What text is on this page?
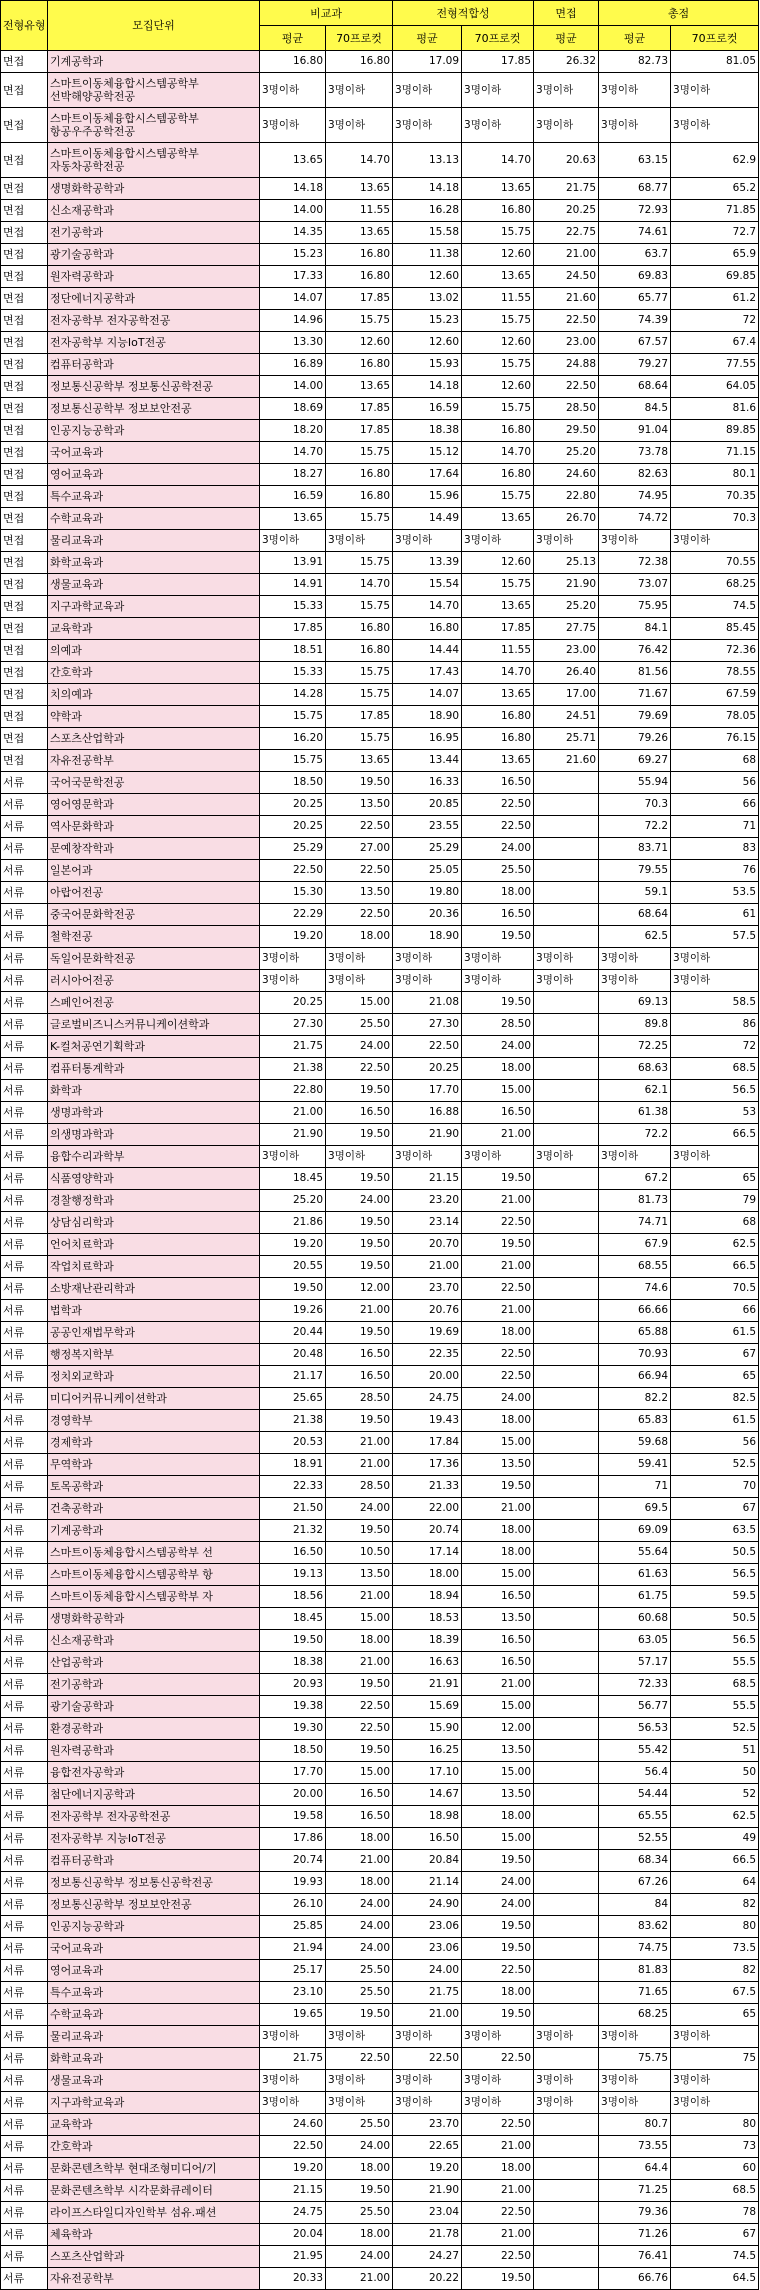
전형유형	모집단위	비교과		전형적합성		면접	총점	
		평균	70프로컷	평균	70프로컷	평균	평균	70프로컷
면접	기계공학과	16.80	16.80	17.09	17.85	26.32	82.73	81.05
면접	스마트이동체융합시스템공학부 선박해양공학전공	3명이하	3명이하	3명이하	3명이하	3명이하	3명이하	3명이하
면접	스마트이동체융합시스템공학부 항공우주공학전공	3명이하	3명이하	3명이하	3명이하	3명이하	3명이하	3명이하
면접	스마트이동체융합시스템공학부 자동차공학전공	13.65	14.70	13.13	14.70	20.63	63.15	62.9
면접	생명화학공학과	14.18	13.65	14.18	13.65	21.75	68.77	65.2
면접	신소재공학과	14.00	11.55	16.28	16.80	20.25	72.93	71.85
면접	전기공학과	14.35	13.65	15.58	15.75	22.75	74.61	72.7
면접	광기술공학과	15.23	16.80	11.38	12.60	21.00	63.7	65.9
면접	원자력공학과	17.33	16.80	12.60	13.65	24.50	69.83	69.85
면접	정단에너지공학과	14.07	17.85	13.02	11.55	21.60	65.77	61.2
면접	전자공학부 전자공학전공	14.96	15.75	15.23	15.75	22.50	74.39	72
면접	전자공학부 지능IoT전공	13.30	12.60	12.60	12.60	23.00	67.57	67.4
면접	컴퓨터공학과	16.89	16.80	15.93	15.75	24.88	79.27	77.55
면접	정보통신공학부 정보통신공학전공	14.00	13.65	14.18	12.60	22.50	68.64	64.05
면접	정보통신공학부 정보보안전공	18.69	17.85	16.59	15.75	28.50	84.5	81.6
면접	인공지능공학과	18.20	17.85	18.38	16.80	29.50	91.04	89.85
면접	국어교육과	14.70	15.75	15.12	14.70	25.20	73.78	71.15
면접	영어교육과	18.27	16.80	17.64	16.80	24.60	82.63	80.1
면접	특수교육과	16.59	16.80	15.96	15.75	22.80	74.95	70.35
면접	수학교육과	13.65	15.75	14.49	13.65	26.70	74.72	70.3
면접	물리교육과	3명이하	3명이하	3명이하	3명이하	3명이하	3명이하	3명이하
면접	화학교육과	13.91	15.75	13.39	12.60	25.13	72.38	70.55
면접	생물교육과	14.91	14.70	15.54	15.75	21.90	73.07	68.25
면접	지구과학교육과	15.33	15.75	14.70	13.65	25.20	75.95	74.5
면접	교육학과	17.85	16.80	16.80	17.85	27.75	84.1	85.45
면접	의예과	18.51	16.80	14.44	11.55	23.00	76.42	72.36
면접	간호학과	15.33	15.75	17.43	14.70	26.40	81.56	78.55
면접	치의예과	14.28	15.75	14.07	13.65	17.00	71.67	67.59
면접	약학과	15.75	17.85	18.90	16.80	24.51	79.69	78.05
면접	스포츠산업학과	16.20	15.75	16.95	16.80	25.71	79.26	76.15
면접	자유전공학부	15.75	13.65	13.44	13.65	21.60	69.27	68
서류	국어국문학전공	18.50	19.50	16.33	16.50		55.94	56
서류	영어영문학과	20.25	13.50	20.85	22.50		70.3	66
서류	역사문화학과	20.25	22.50	23.55	22.50		72.2	71
서류	문예창작학과	25.29	27.00	25.29	24.00		83.71	83
서류	일본어과	22.50	22.50	25.05	25.50		79.55	76
서류	아랍어전공	15.30	13.50	19.80	18.00		59.1	53.5
서류	중국어문화학전공	22.29	22.50	20.36	16.50		68.64	61
서류	철학전공	19.20	18.00	18.90	19.50		62.5	57.5
서류	독일어문화학전공	3명이하	3명이하	3명이하	3명이하	3명이하	3명이하	3명이하
서류	러시아어전공	3명이하	3명이하	3명이하	3명이하	3명이하	3명이하	3명이하
서류	스페인어전공	20.25	15.00	21.08	19.50		69.13	58.5
서류	글로벌비즈니스커뮤니케이션학과	27.30	25.50	27.30	28.50		89.8	86
서류	K-컬처공연기획학과	21.75	24.00	22.50	24.00		72.25	72
서류	컴퓨터통계학과	21.38	22.50	20.25	18.00		68.63	68.5
서류	화학과	22.80	19.50	17.70	15.00		62.1	56.5
서류	생명과학과	21.00	16.50	16.88	16.50		61.38	53
서류	의생명과학과	21.90	19.50	21.90	21.00		72.2	66.5
서류	융합수리과학부	3명이하	3명이하	3명이하	3명이하	3명이하	3명이하	3명이하
서류	식품영양학과	18.45	19.50	21.15	19.50		67.2	65
서류	경찰행정학과	25.20	24.00	23.20	21.00		81.73	79
서류	상담심리학과	21.86	19.50	23.14	22.50		74.71	68
서류	언어치료학과	19.20	19.50	20.70	19.50		67.9	62.5
서류	작업치료학과	20.55	19.50	21.00	21.00		68.55	66.5
서류	소방재난관리학과	19.50	12.00	23.70	22.50		74.6	70.5
서류	법학과	19.26	21.00	20.76	21.00		66.66	66
서류	공공인재법무학과	20.44	19.50	19.69	18.00		65.88	61.5
서류	행정복지학부	20.48	16.50	22.35	22.50		70.93	67
서류	정치외교학과	21.17	16.50	20.00	22.50		66.94	65
서류	미디어커뮤니케이션학과	25.65	28.50	24.75	24.00		82.2	82.5
서류	경영학부	21.38	19.50	19.43	18.00		65.83	61.5
서류	경제학과	20.53	21.00	17.84	15.00		59.68	56
서류	무역학과	18.91	21.00	17.36	13.50		59.41	52.5
서류	토목공학과	22.33	28.50	21.33	19.50		71	70
서류	건축공학과	21.50	24.00	22.00	21.00		69.5	67
서류	기계공학과	21.32	19.50	20.74	18.00		69.09	63.5
서류	스마트이동체융합시스템공학부 선	16.50	10.50	17.14	18.00		55.64	50.5
서류	스마트이동체융합시스템공학부 항	19.13	13.50	18.00	15.00		61.63	56.5
서류	스마트이동체융합시스템공학부 자	18.56	21.00	18.94	16.50		61.75	59.5
서류	생명화학공학과	18.45	15.00	18.53	13.50		60.68	50.5
서류	신소재공학과	19.50	18.00	18.39	16.50		63.05	56.5
서류	산업공학과	18.38	21.00	16.63	16.50		57.17	55.5
서류	전기공학과	20.93	19.50	21.91	21.00		72.33	68.5
서류	광기술공학과	19.38	22.50	15.69	15.00		56.77	55.5
서류	환경공학과	19.30	22.50	15.90	12.00		56.53	52.5
서류	원자력공학과	18.50	19.50	16.25	13.50		55.42	51
서류	융합전자공학과	17.70	15.00	17.10	15.00		56.4	50
서류	첨단에너지공학과	20.00	16.50	14.67	13.50		54.44	52
서류	전자공학부 전자공학전공	19.58	16.50	18.98	18.00		65.55	62.5
서류	전자공학부 지능IoT전공	17.86	18.00	16.50	15.00		52.55	49
서류	컴퓨터공학과	20.74	21.00	20.84	19.50		68.34	66.5
서류	정보통신공학부 정보통신공학전공	19.93	18.00	21.14	24.00		67.26	64
서류	정보통신공학부 정보보안전공	26.10	24.00	24.90	24.00		84	82
서류	인공지능공학과	25.85	24.00	23.06	19.50		83.62	80
서류	국어교육과	21.94	24.00	23.06	19.50		74.75	73.5
서류	영어교육과	25.17	25.50	24.00	22.50		81.83	82
서류	특수교육과	23.10	25.50	21.75	18.00		71.65	67.5
서류	수학교육과	19.65	19.50	21.00	19.50		68.25	65
서류	물리교육과	3명이하	3명이하	3명이하	3명이하	3명이하	3명이하	3명이하
서류	화학교육과	21.75	22.50	22.50	22.50		75.75	75
서류	생물교육과	3명이하	3명이하	3명이하	3명이하	3명이하	3명이하	3명이하
서류	지구과학교육과	3명이하	3명이하	3명이하	3명이하	3명이하	3명이하	3명이하
서류	교육학과	24.60	25.50	23.70	22.50		80.7	80
서류	간호학과	22.50	24.00	22.65	21.00		73.55	73
서류	문화콘텐츠학부 현대조형미디어/기	19.20	18.00	19.20	18.00		64.4	60
서류	문화콘텐츠학부 시각문화큐레이터	21.15	19.50	21.90	21.00		71.25	68.5
서류	라이프스타일디자인학부 섬유.패션	24.75	25.50	23.04	22.50		79.36	78
서류	체육학과	20.04	18.00	21.78	21.00		71.26	67
서류	스포츠산업학과	21.95	24.00	24.27	22.50		76.41	74.5
서류	자유전공학부	20.33	21.00	20.22	19.50		66.76	64.5
